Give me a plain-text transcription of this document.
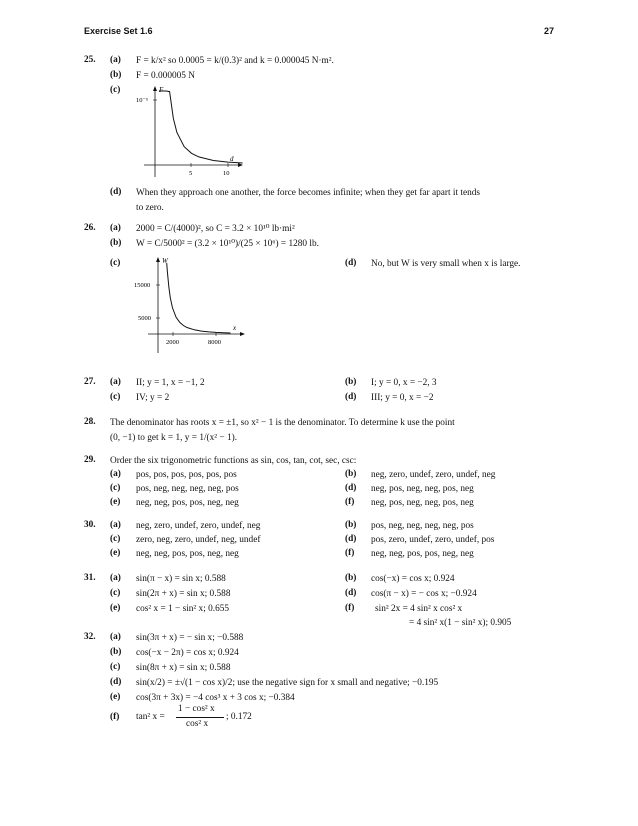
Exercise Set 1.6	27
25. (a) F = k/x² so 0.0005 = k/(0.3)² and k = 0.000045 N·m².
(b) F = 0.000005 N
(c)
(d) When they approach one another, the force becomes infinite; when they get far apart it tends
to zero.
26. (a) 2000 = C/(4000)², so C = 3.2 × 10¹⁰ lb·mi²
(b) W = C/5000² = (3.2 × 10¹⁰)/(25 × 10⁶) = 1280 lb.
(c)	(d) No, but W is very small when x is large.
27. (a) II; y = 1, x = −1, 2	(b) I; y = 0, x = −2, 3
(c) IV; y = 2	(d) III; y = 0, x = −2
28. The denominator has roots x = ±1, so x² − 1 is the denominator. To determine k use the point
(0, −1) to get k = 1, y = 1/(x² − 1).
29. Order the six trigonometric functions as sin, cos, tan, cot, sec, csc:
(a) pos, pos, pos, pos, pos, pos	(b) neg, zero, undef, zero, undef, neg
(c) pos, neg, neg, neg, neg, pos	(d) neg, pos, neg, neg, pos, neg
(e) neg, neg, pos, pos, neg, neg	(f) neg, pos, neg, neg, pos, neg
30. (a) neg, zero, undef, zero, undef, neg	(b) pos, neg, neg, neg, neg, pos
(c) zero, neg, zero, undef, neg, undef	(d) pos, zero, undef, zero, undef, pos
(e) neg, neg, pos, pos, neg, neg	(f) neg, neg, pos, pos, neg, neg
31. (a) sin(π − x) = sin x; 0.588	(b) cos(−x) = cos x; 0.924
(c) sin(2π + x) = sin x; 0.588	(d) cos(π − x) = − cos x; −0.924
(e) cos² x = 1 − sin² x; 0.655	(f) sin² 2x = 4 sin² x cos² x
= 4 sin² x(1 − sin² x); 0.905
32. (a) sin(3π + x) = − sin x; −0.588
(b) cos(−x − 2π) = cos x; 0.924
(c) sin(8π + x) = sin x; 0.588
(d) sin(x/2) = ±√(1 − cos x)/2; use the negative sign for x small and negative; −0.195
(e) cos(3π + 3x) = −4 cos³ x + 3 cos x; −0.384
(f) tan² x =
1 − cos² x
cos² x
; 0.172
F
d
10⁻⁵
5	10
W
x
15000
5000
2000	8000
